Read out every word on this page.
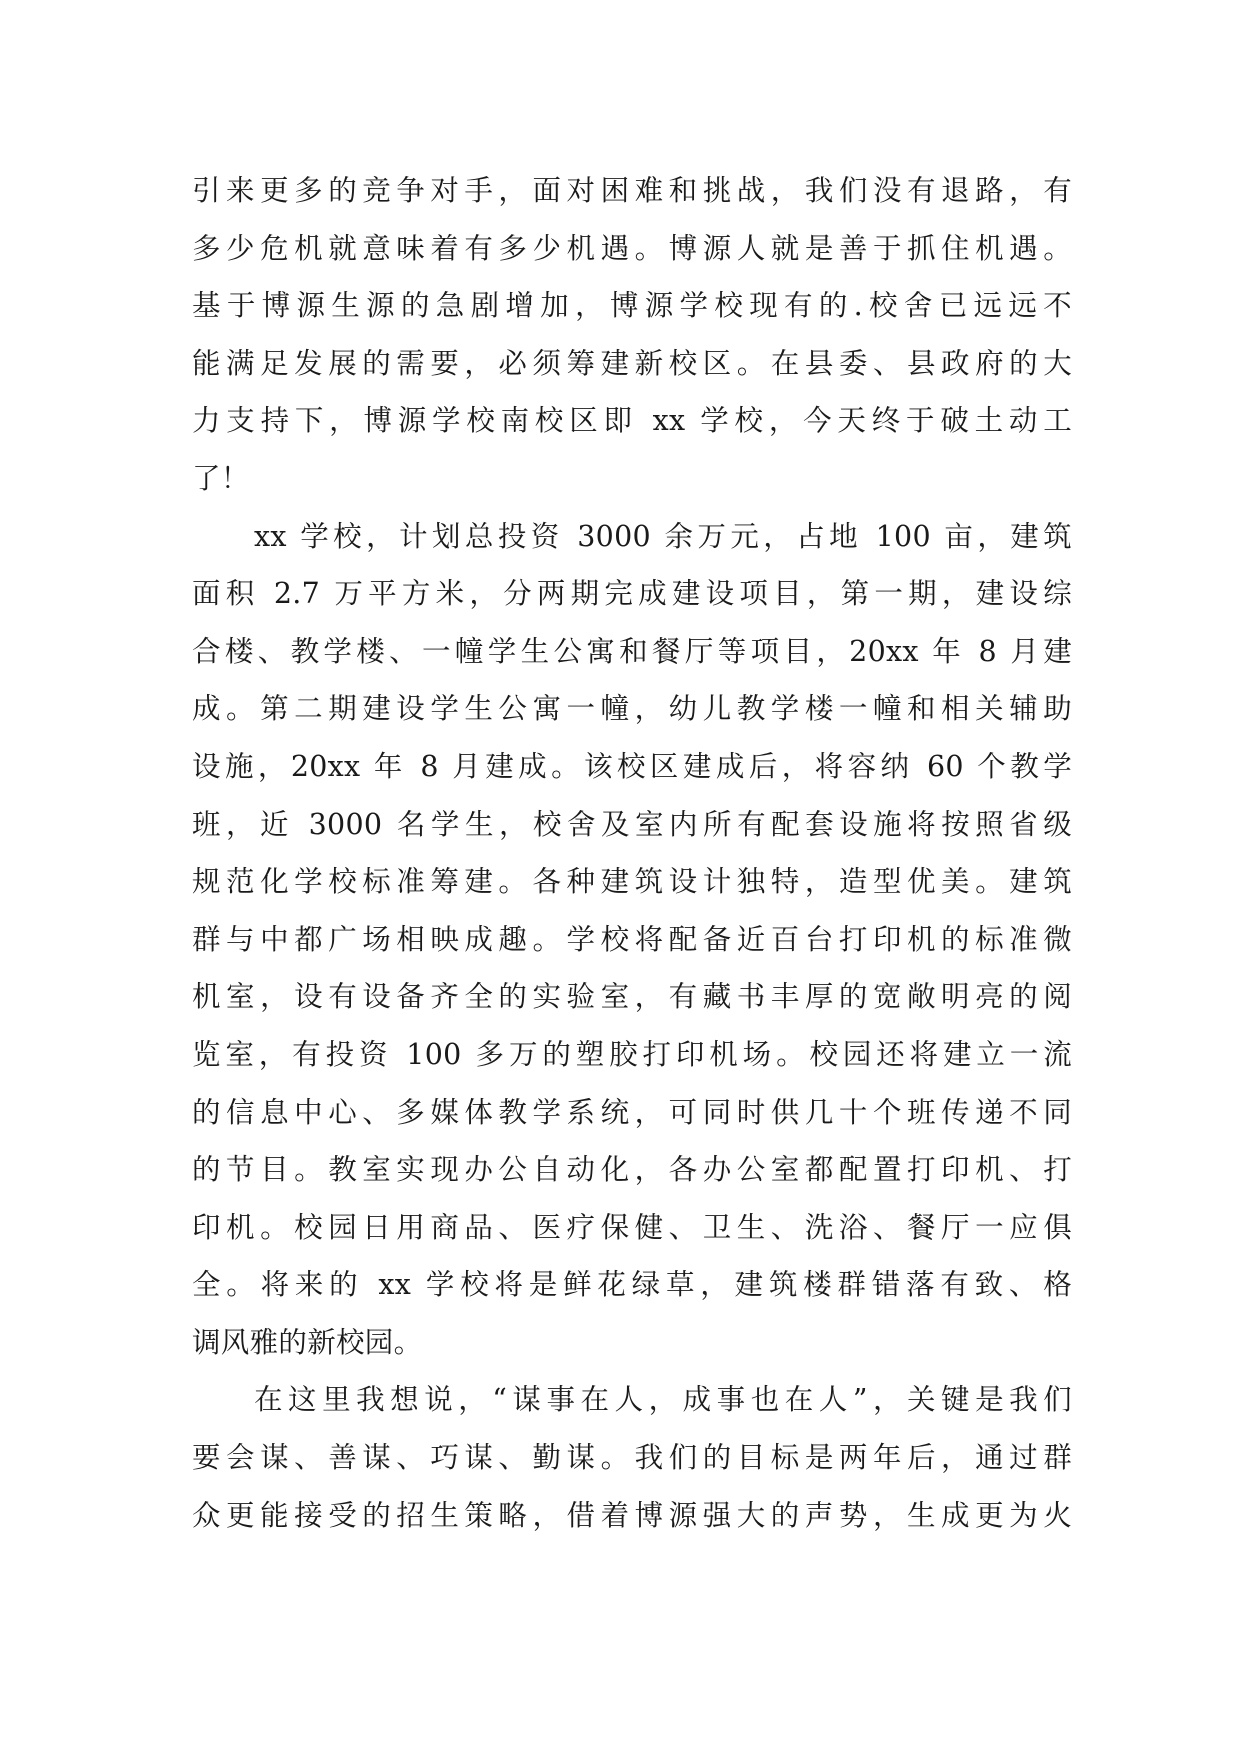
引来更多的竞争对手，面对困难和挑战，我们没有退路，有
多少危机就意味着有多少机遇。博源人就是善于抓住机遇。
基于博源生源的急剧增加，博源学校现有的.校舍已远远不
能满足发展的需要，必须筹建新校区。在县委、县政府的大
力支持下，博源学校南校区即 xx 学校，今天终于破土动工
了！
xx 学校，计划总投资 3000 余万元，占地 100 亩，建筑
面积 2.7 万平方米，分两期完成建设项目，第一期，建设综
合楼、教学楼、一幢学生公寓和餐厅等项目，20xx 年 8 月建
成。第二期建设学生公寓一幢，幼儿教学楼一幢和相关辅助
设施，20xx 年 8 月建成。该校区建成后，将容纳 60 个教学
班，近 3000 名学生，校舍及室内所有配套设施将按照省级
规范化学校标准筹建。各种建筑设计独特，造型优美。建筑
群与中都广场相映成趣。学校将配备近百台打印机的标准微
机室，设有设备齐全的实验室，有藏书丰厚的宽敞明亮的阅
览室，有投资 100 多万的塑胶打印机场。校园还将建立一流
的信息中心、多媒体教学系统，可同时供几十个班传递不同
的节目。教室实现办公自动化，各办公室都配置打印机、打
印机。校园日用商品、医疗保健、卫生、洗浴、餐厅一应俱
全。将来的 xx 学校将是鲜花绿草，建筑楼群错落有致、格
调风雅的新校园。
在这里我想说，“谋事在人，成事也在人”，关键是我们
要会谋、善谋、巧谋、勤谋。我们的目标是两年后，通过群
众更能接受的招生策略，借着博源强大的声势，生成更为火
